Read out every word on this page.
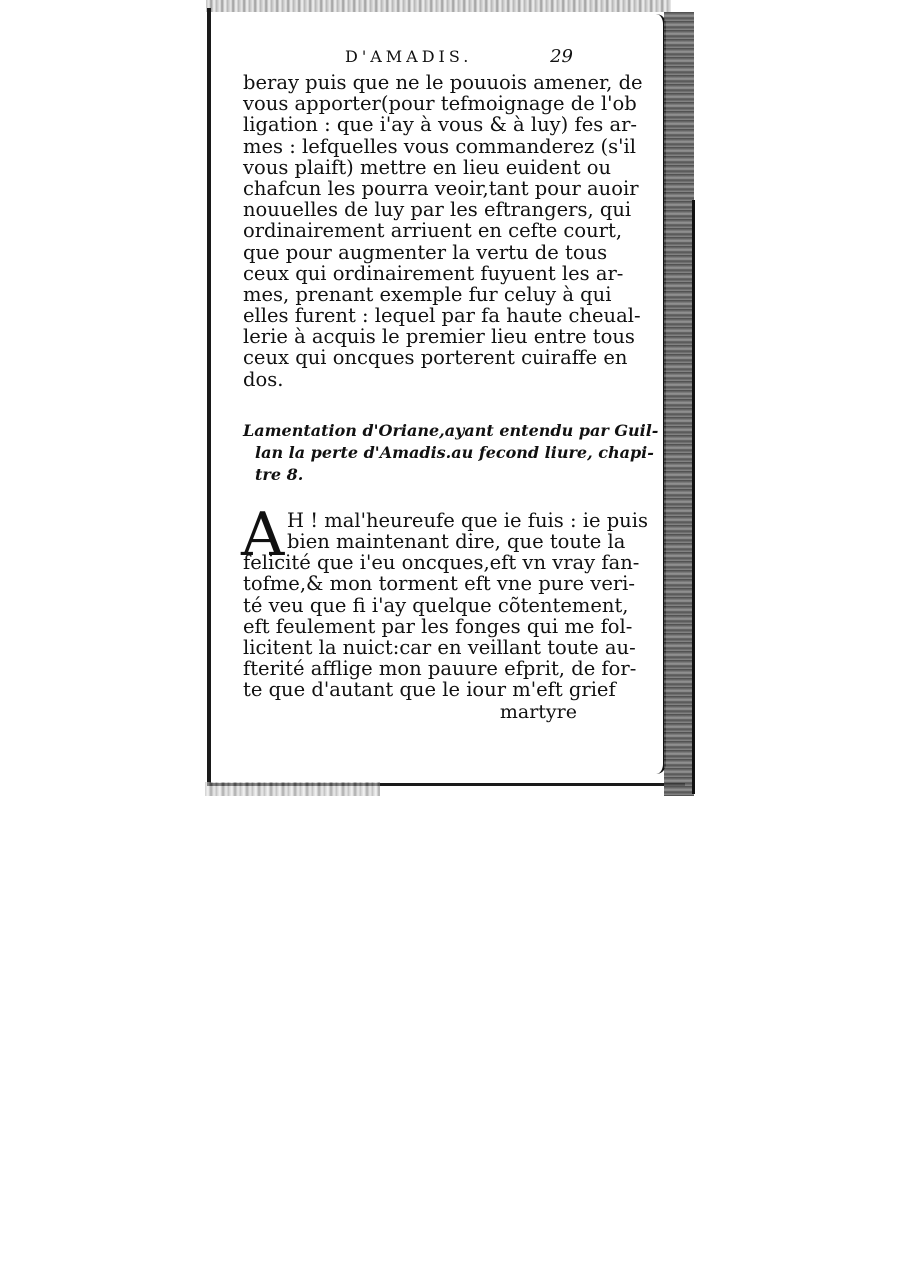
D'AMADIS.	29
beray puis que ne le pouuois amener, de
vous apporter(pour tefmoignage de l'ob
ligation : que i'ay à vous & à luy) fes ar-
mes : lefquelles vous commanderez (s'il
vous plaift) mettre en lieu euident ou
chafcun les pourra veoir,tant pour auoir
nouuelles de luy par les eftrangers, qui
ordinairement arriuent en cefte court,
que pour augmenter la vertu de tous
ceux qui ordinairement fuyuent les ar-
mes, prenant exemple fur celuy à qui
elles furent : lequel par fa haute cheual-
lerie à acquis le premier lieu entre tous
ceux qui oncques porterent cuiraffe en
dos.
Lamentation d'Oriane,ayant entendu par Guil-
lan la perte d'Amadis.au fecond liure, chapi-
tre 8.
A H ! mal'heureufe que ie fuis : ie puis
bien maintenant dire, que toute la
felicité que i'eu oncques,eft vn vray fan-
tofme,& mon torment eft vne pure veri-
té veu que fi i'ay quelque cõtentement,
eft feulement par les fonges qui me fol-
licitent la nuict:car en veillant toute au-
fterité afflige mon pauure efprit, de for-
te que d'autant que le iour m'eft grief
martyre
